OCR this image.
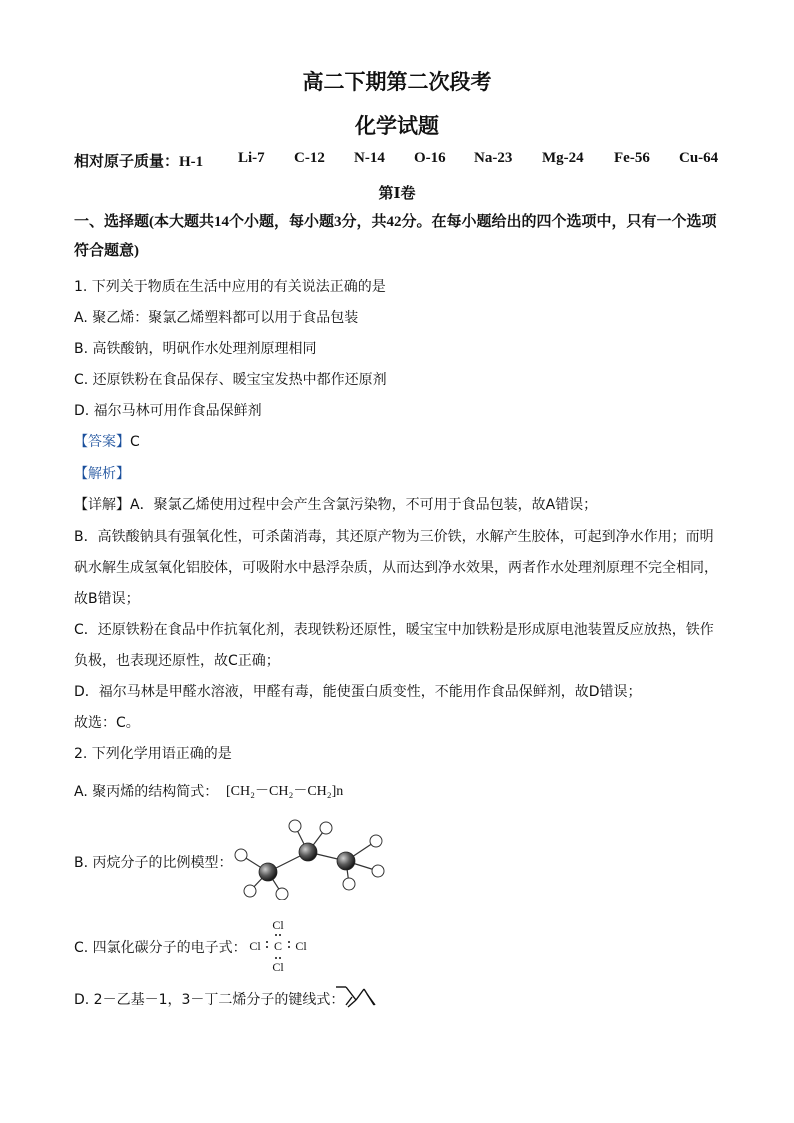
高二下期第二次段考
化学试题
相对原子质量：H-1 Li-7 C-12 N-14 O-16 Na-23 Mg-24 Fe-56 Cu-64
第Ⅰ卷
一、选择题(本大题共14个小题，每小题3分，共42分。在每小题给出的四个选项中，只有一个选项符合题意)
1. 下列关于物质在生活中应用的有关说法正确的是
A. 聚乙烯：聚氯乙烯塑料都可以用于食品包装
B. 高铁酸钠，明矾作水处理剂原理相同
C. 还原铁粉在食品保存、暖宝宝发热中都作还原剂
D. 福尔马林可用作食品保鲜剂
【答案】C
【解析】
【详解】A．聚氯乙烯使用过程中会产生含氯污染物，不可用于食品包装，故A错误；
B．高铁酸钠具有强氧化性，可杀菌消毒，其还原产物为三价铁，水解产生胶体，可起到净水作用；而明
矾水解生成氢氧化铝胶体，可吸附水中悬浮杂质，从而达到净水效果，两者作水处理剂原理不完全相同，
故B错误；
C．还原铁粉在食品中作抗氧化剂，表现铁粉还原性，暖宝宝中加铁粉是形成原电池装置反应放热，铁作
负极，也表现还原性，故C正确；
D．福尔马林是甲醛水溶液，甲醛有毒，能使蛋白质变性，不能用作食品保鲜剂，故D错误；
故选：C。
2. 下列化学用语正确的是
A. 聚丙烯的结构简式： [CH₂－CH₂－CH₂]n
B. 丙烷分子的比例模型：
C. 四氯化碳分子的电子式：
Cl
Cl C Cl
Cl
D. 2－乙基－1，3－丁二烯分子的键线式：
